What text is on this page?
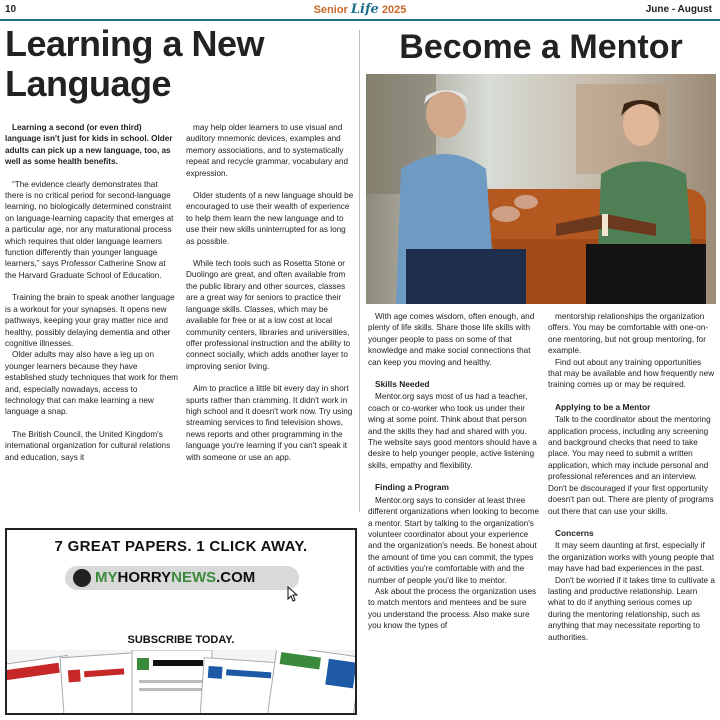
10	Senior Life 2025	June - August
Learning a New Language

Learning a second (or even third) language isn't just for kids in school. Older adults can pick up a new language, too, as well as some health benefits.

“The evidence clearly demonstrates that there is no critical period for second-language learning, no biologically determined constraint on language-learning capacity that emerges at a particular age, nor any maturational process which requires that older language learners function differently than younger language learners,” says Professor Catherine Snow at the Harvard Graduate School of Education.

Training the brain to speak another language is a workout for your synapses. It opens new pathways, keeping your gray matter nice and healthy, possibly delaying dementia and other cognitive illnesses.

Older adults may also have a leg up on younger learners because they have established study techniques that work for them and, especially nowadays, access to technology that can make learning a new language a snap.

The British Council, the United Kingdom's international organization for cultural relations and education, says it

may help older learners to use visual and auditory mnemonic devices, examples and memory associations, and to systematically repeat and recycle grammar, vocabulary and expression.

Older students of a new language should be encouraged to use their wealth of experience to help them learn the new language and to use their new skills uninterrupted for as long as possible.

While tech tools such as Rosetta Stone or Duolingo are great, and often available from the public library and other sources, classes are a great way for seniors to practice their language skills. Classes, which may be available for free or at a low cost at local community centers, libraries and universities, offer professional instruction and the ability to connect socially, which adds another layer to improving senior living.

Aim to practice a little bit every day in short spurts rather than cramming. It didn't work in high school and it doesn't work now. Try using streaming services to find television shows, news reports and other programming in the language you're learning if you can't speak it with someone or use an app.

Become a Mentor

With age comes wisdom, often enough, and plenty of life skills. Share those life skills with younger people to pass on some of that knowledge and make social connections that can keep you moving and healthy.

Skills Needed

Mentor.org says most of us had a teacher, coach or co-worker who took us under their wing at some point. Think about that person and the skills they had and shared with you. The website says good mentors should have a desire to help younger people, active listening skills, empathy and flexibility.

Finding a Program

Mentor.org says to consider at least three different organizations when looking to become a mentor. Start by talking to the organization's volunteer coordinator about your experience and the organization's needs. Be honest about the amount of time you can commit, the types of activities you're comfortable with and the number of people you'd like to mentor.

Ask about the process the organization uses to match mentors and mentees and be sure you understand the process. Also make sure you know the types of

mentorship relationships the organization offers. You may be comfortable with one-on-one mentoring, but not group mentoring, for example.

Find out about any training opportunities that may be available and how frequently new training comes up or may be required.

Applying to be a Mentor

Talk to the coordinator about the mentoring application process, including any screening and background checks that need to take place. You may need to submit a written application, which may include personal and professional references and an interview. Don't be discouraged if your first opportunity doesn't pan out. There are plenty of programs out there that can use your skills.

Concerns

It may seem daunting at first, especially if the organization works with young people that may have had bad experiences in the past.

Don't be worried if it takes time to cultivate a lasting and productive relationship. Learn what to do if anything serious comes up during the mentoring relationship, such as anything that may necessitate reporting to authorities.

7 GREAT PAPERS. 1 CLICK AWAY.
MYHORRYNEWS.COM
SUBSCRIBE TODAY.
